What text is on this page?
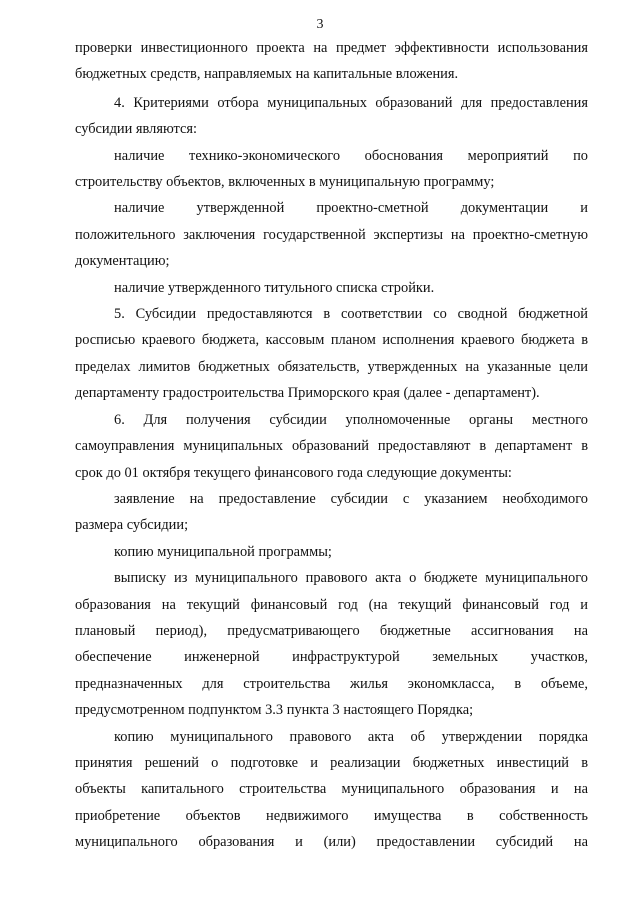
3

проверки инвестиционного проекта на предмет эффективности использования
бюджетных средств, направляемых на капитальные вложения.

4. Критериями отбора муниципальных образований для предоставления
субсидии являются:

наличие технико-экономического обоснования мероприятий по
строительству объектов, включенных в муниципальную программу;

наличие утвержденной проектно-сметной документации и
положительного заключения государственной экспертизы на проектно-сметную
документацию;

наличие утвержденного титульного списка стройки.

5. Субсидии предоставляются в соответствии со сводной бюджетной
росписью краевого бюджета, кассовым планом исполнения краевого бюджета в
пределах лимитов бюджетных обязательств, утвержденных на указанные цели
департаменту градостроительства Приморского края (далее - департамент).

6. Для получения субсидии уполномоченные органы местного
самоуправления муниципальных образований предоставляют в департамент в
срок до 01 октября текущего финансового года следующие документы:

заявление на предоставление субсидии с указанием необходимого
размера субсидии;

копию муниципальной программы;

выписку из муниципального правового акта о бюджете муниципального
образования на текущий финансовый год (на текущий финансовый год и
плановый период), предусматривающего бюджетные ассигнования на
обеспечение инженерной инфраструктурой земельных участков,
предназначенных для строительства жилья экономкласса, в объеме,
предусмотренном подпунктом 3.3 пункта 3 настоящего Порядка;

копию муниципального правового акта об утверждении порядка
принятия решений о подготовке и реализации бюджетных инвестиций в
объекты капитального строительства муниципального образования и на
приобретение объектов недвижимого имущества в собственность
муниципального образования и (или) предоставлении субсидий на
